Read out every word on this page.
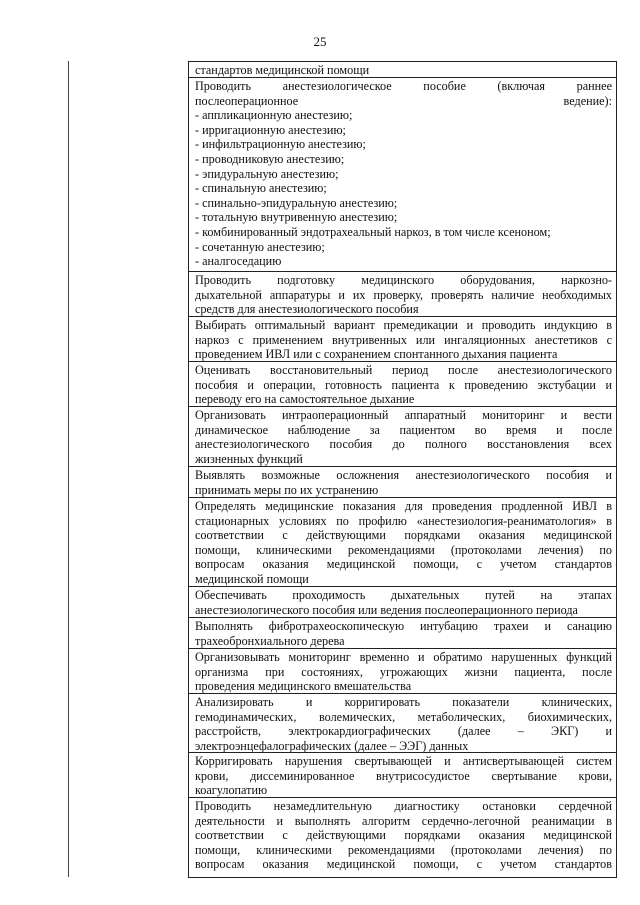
25

стандартов медицинской помощи

Проводить анестезиологическое пособие (включая раннее

послеоперационное ведение):

- аппликационную анестезию;

- ирригационную анестезию;

- инфильтрационную анестезию;

- проводниковую анестезию;

- эпидуральную анестезию;

- спинальную анестезию;

- спинально-эпидуральную анестезию;

- тотальную внутривенную анестезию;

- комбинированный эндотрахеальный наркоз, в том числе ксеноном;

- сочетанную анестезию;

- аналгоседацию

Проводить подготовку медицинского оборудования, наркозно-

дыхательной аппаратуры и их проверку, проверять наличие необходимых

средств для анестезиологического пособия

Выбирать оптимальный вариант премедикации и проводить индукцию в

наркоз с применением внутривенных или ингаляционных анестетиков с

проведением ИВЛ или с сохранением спонтанного дыхания пациента

Оценивать восстановительный период после анестезиологического

пособия и операции, готовность пациента к проведению экстубации и

переводу его на самостоятельное дыхание

Организовать интраоперационный аппаратный мониторинг и вести

динамическое наблюдение за пациентом во время и после

анестезиологического пособия до полного восстановления всех

жизненных функций

Выявлять возможные осложнения анестезиологического пособия и

принимать меры по их устранению

Определять медицинские показания для проведения продленной ИВЛ в

стационарных условиях по профилю «анестезиология-реаниматология» в

соответствии с действующими порядками оказания медицинской

помощи, клиническими рекомендациями (протоколами лечения) по

вопросам оказания медицинской помощи, с учетом стандартов

медицинской помощи

Обеспечивать проходимость дыхательных путей на этапах

анестезиологического пособия или ведения послеоперационного периода

Выполнять фибротрахеоскопическую интубацию трахеи и санацию

трахеобронхиального дерева

Организовывать мониторинг временно и обратимо нарушенных функций

организма при состояниях, угрожающих жизни пациента, после

проведения медицинского вмешательства

Анализировать и корригировать показатели клинических,

гемодинамических, волемических, метаболических, биохимических,

расстройств, электрокардиографических (далее – ЭКГ) и

электроэнцефалографических (далее – ЭЭГ) данных

Корригировать нарушения свертывающей и антисвертывающей систем

крови, диссеминированное внутрисосудистое свертывание крови,

коагулопатию

Проводить незамедлительную диагностику остановки сердечной

деятельности и выполнять алгоритм сердечно-легочной реанимации в

соответствии с действующими порядками оказания медицинской

помощи, клиническими рекомендациями (протоколами лечения) по

вопросам оказания медицинской помощи, с учетом стандартов
